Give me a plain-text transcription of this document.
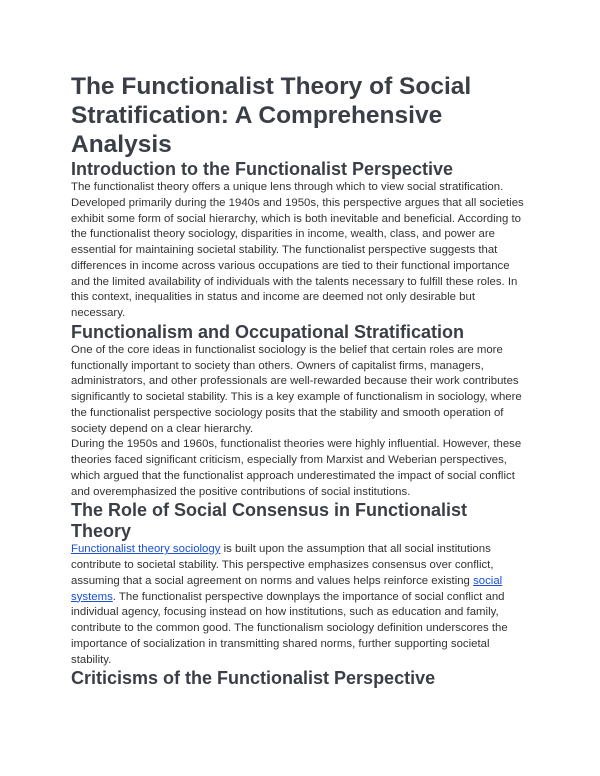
The Functionalist Theory of Social Stratification: A Comprehensive Analysis
Introduction to the Functionalist Perspective

The functionalist theory offers a unique lens through which to view social stratification. Developed primarily during the 1940s and 1950s, this perspective argues that all societies exhibit some form of social hierarchy, which is both inevitable and beneficial. According to the functionalist theory sociology, disparities in income, wealth, class, and power are essential for maintaining societal stability. The functionalist perspective suggests that differences in income across various occupations are tied to their functional importance and the limited availability of individuals with the talents necessary to fulfill these roles. In this context, inequalities in status and income are deemed not only desirable but necessary.

Functionalism and Occupational Stratification

One of the core ideas in functionalist sociology is the belief that certain roles are more functionally important to society than others. Owners of capitalist firms, managers, administrators, and other professionals are well-rewarded because their work contributes significantly to societal stability. This is a key example of functionalism in sociology, where the functionalist perspective sociology posits that the stability and smooth operation of society depend on a clear hierarchy.

During the 1950s and 1960s, functionalist theories were highly influential. However, these theories faced significant criticism, especially from Marxist and Weberian perspectives, which argued that the functionalist approach underestimated the impact of social conflict and overemphasized the positive contributions of social institutions.

The Role of Social Consensus in Functionalist Theory

Functionalist theory sociology is built upon the assumption that all social institutions contribute to societal stability. This perspective emphasizes consensus over conflict, assuming that a social agreement on norms and values helps reinforce existing social systems. The functionalist perspective downplays the importance of social conflict and individual agency, focusing instead on how institutions, such as education and family, contribute to the common good. The functionalism sociology definition underscores the importance of socialization in transmitting shared norms, further supporting societal stability.

Criticisms of the Functionalist Perspective
